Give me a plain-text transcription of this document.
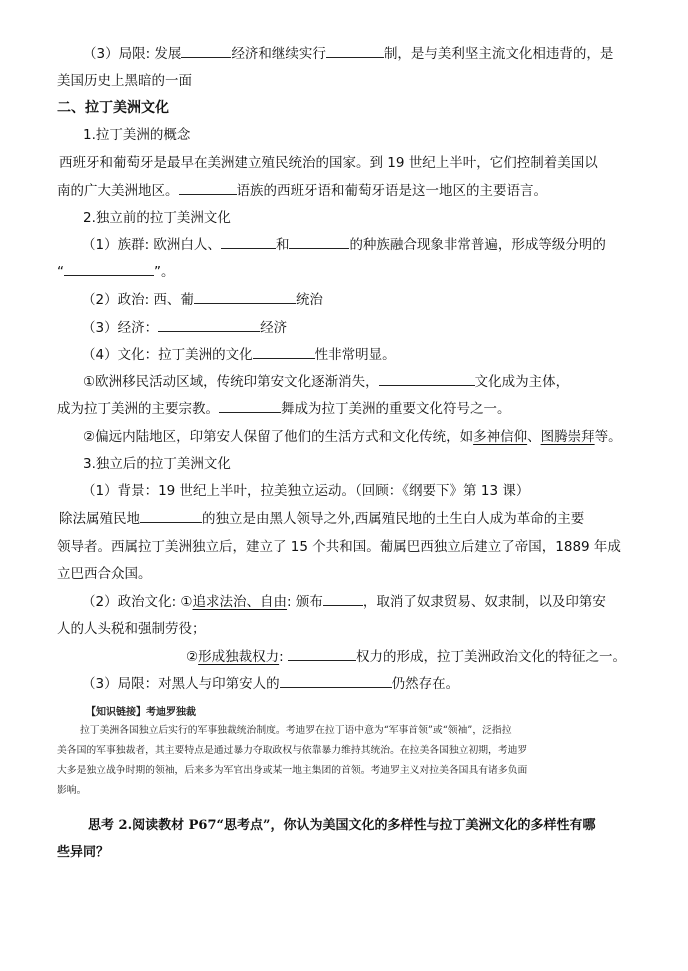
（3）局限: 发展	经济和继续实行	制，是与美利坚主流文化相违背的，是
美国历史上黑暗的一面
二、拉丁美洲文化
1.拉丁美洲的概念
西班牙和葡萄牙是最早在美洲建立殖民统治的国家。到 19 世纪上半叶，它们控制着美国以
南的广大美洲地区。	语族的西班牙语和葡萄牙语是这一地区的主要语言。
2.独立前的拉丁美洲文化
（1）族群: 欧洲白人、	和	的种族融合现象非常普遍，形成等级分明的
“	”。
（2）政治: 西、葡	统治
（3）经济：	经济
（4）文化：拉丁美洲的文化	性非常明显。
①欧洲移民活动区域，传统印第安文化逐渐消失，	文化成为主体，
成为拉丁美洲的主要宗教。	舞成为拉丁美洲的重要文化符号之一。
②偏远内陆地区，印第安人保留了他们的生活方式和文化传统，如多神信仰、图腾崇拜等。
3.独立后的拉丁美洲文化
（1）背景：19 世纪上半叶，拉美独立运动。（回顾：《纲要下》第 13 课）
除法属殖民地	的独立是由黑人领导之外,西属殖民地的土生白人成为革命的主要
领导者。西属拉丁美洲独立后，建立了 15 个共和国。葡属巴西独立后建立了帝国，1889 年成
立巴西合众国。
（2）政治文化: ①追求法治、自由: 颁布	，取消了奴隶贸易、奴隶制，以及印第安
人的人头税和强制劳役；
②形成独裁权力:	权力的形成，拉丁美洲政治文化的特征之一。
（3）局限：对黑人与印第安人的	仍然存在。
【知识链接】考迪罗独裁
拉丁美洲各国独立后实行的军事独裁统治制度。考迪罗在拉丁语中意为“军事首领”或“领袖”，泛指拉
美各国的军事独裁者，其主要特点是通过暴力夺取政权与依靠暴力维持其统治。在拉美各国独立初期，考迪罗
大多是独立战争时期的领袖，后来多为军官出身或某一地主集团的首领。考迪罗主义对拉美各国具有诸多负面
影响。
思考 2.阅读教材 P67“思考点”，你认为美国文化的多样性与拉丁美洲文化的多样性有哪
些异同？
